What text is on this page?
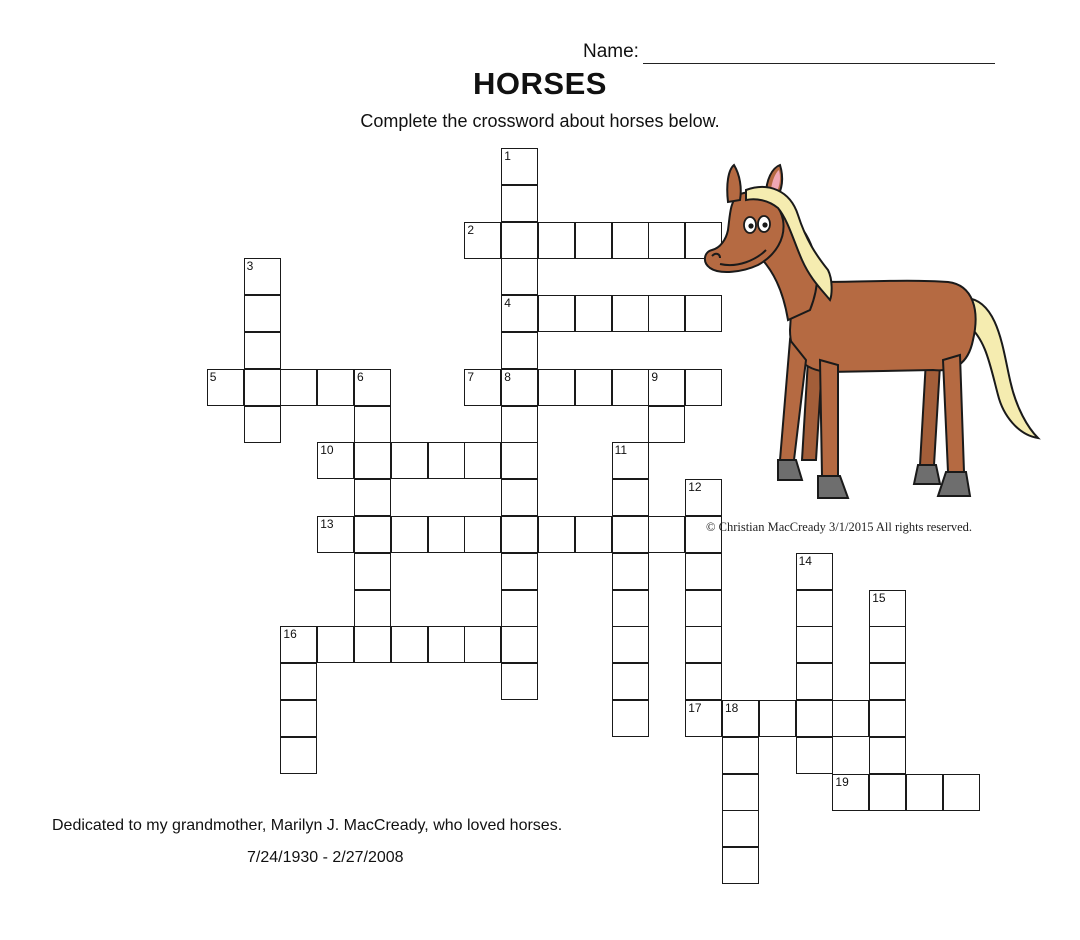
Name:
HORSES
Complete the crossword about horses below.
1
4
2
3
5	6	7	8	9
10	11
12
17
13
14
15
16
18
19
© Christian MacCready 3/1/2015 All rights reserved.
Dedicated to my grandmother, Marilyn J. MacCready, who loved horses.
7/24/1930 - 2/27/2008
